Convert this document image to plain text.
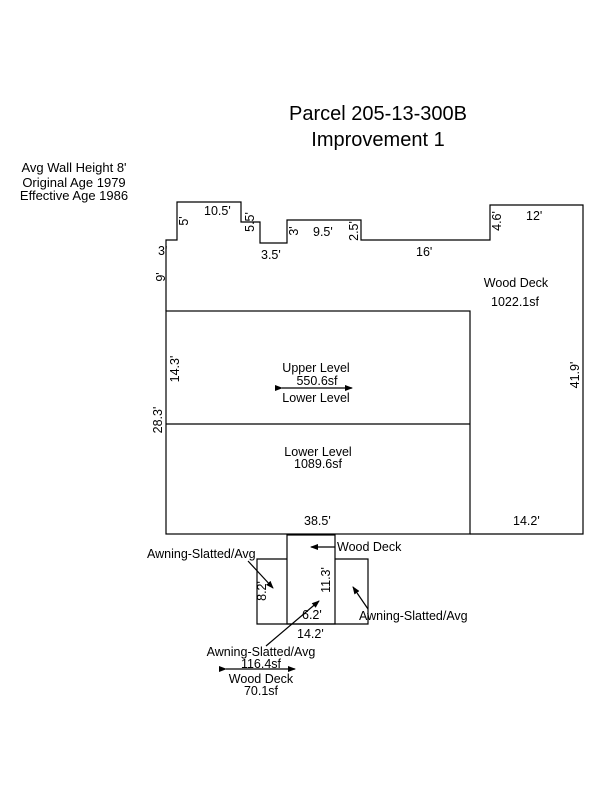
Parcel 205-13-300B
Improvement 1
Avg Wall Height 8'
Original Age 1979
Effective Age 1986
3'
10.5'
3.5'
9.5'
16'
12'
38.5'	14.2'
6.2'
14.2'
5'	5.5' 3'	2.5'
4.6'
9'
14.3'
28.3'
41.9'
8.2'	11.3'
Wood Deck
1022.1sf
Upper Level
550.6sf
Lower Level
Lower Level
1089.6sf
Wood Deck
Awning-Slatted/Avg
Awning-Slatted/Avg
Awning-Slatted/Avg
116.4sf
Wood Deck
70.1sf
